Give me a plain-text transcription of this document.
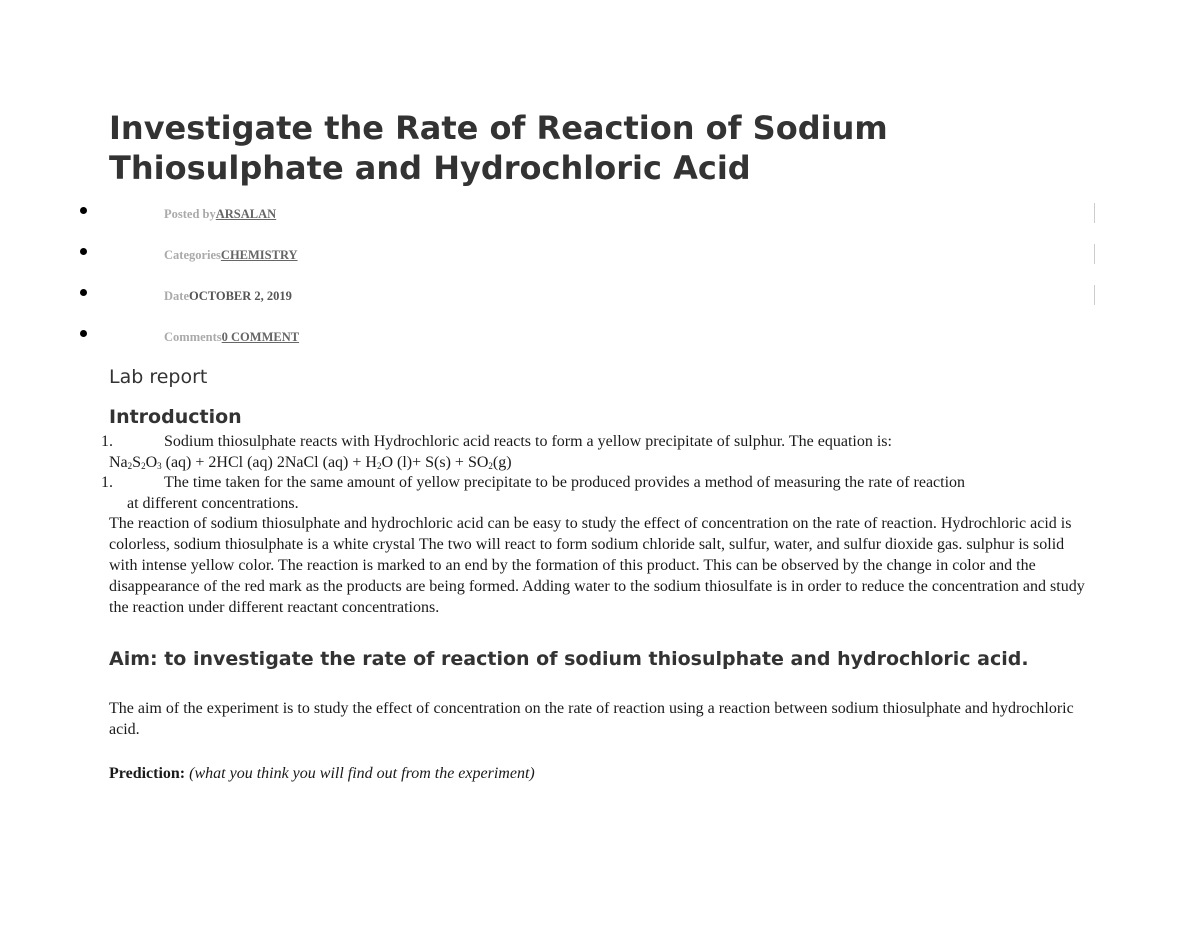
Investigate the Rate of Reaction of Sodium Thiosulphate and Hydrochloric Acid
Posted byARSALAN
CategoriesCHEMISTRY
DateOCTOBER 2, 2019
Comments0 COMMENT
Lab report
Introduction
1.	Sodium thiosulphate reacts with Hydrochloric acid reacts to form a yellow precipitate of sulphur. The equation is:
$Na_2S_2O_3$ (aq) + 2HCl (aq) 2NaCl $(aq) + H_2O$ $(l)+ S(s) + SO_2(g)$
1.	The time taken for the same amount of yellow precipitate to be produced provides a method of measuring the rate of reaction
at different concentrations.

The reaction of sodium thiosulphate and hydrochloric acid can be easy to study the effect of concentration on the rate of reaction. Hydrochloric acid is colorless, sodium thiosulphate is a white crystal The two will react to form sodium chloride salt, sulfur, water, and sulfur dioxide gas. sulphur is solid with intense yellow color. The reaction is marked to an end by the formation of this product. This can be observed by the change in color and the disappearance of the red mark as the products are being formed. Adding water to the sodium thiosulfate is in order to reduce the concentration and study the reaction under different reactant concentrations.

Aim: to investigate the rate of reaction of sodium thiosulphate and hydrochloric acid.

The aim of the experiment is to study the effect of concentration on the rate of reaction using a reaction between sodium thiosulphate and hydrochloric acid.

Prediction: (what you think you will find out from the experiment)
